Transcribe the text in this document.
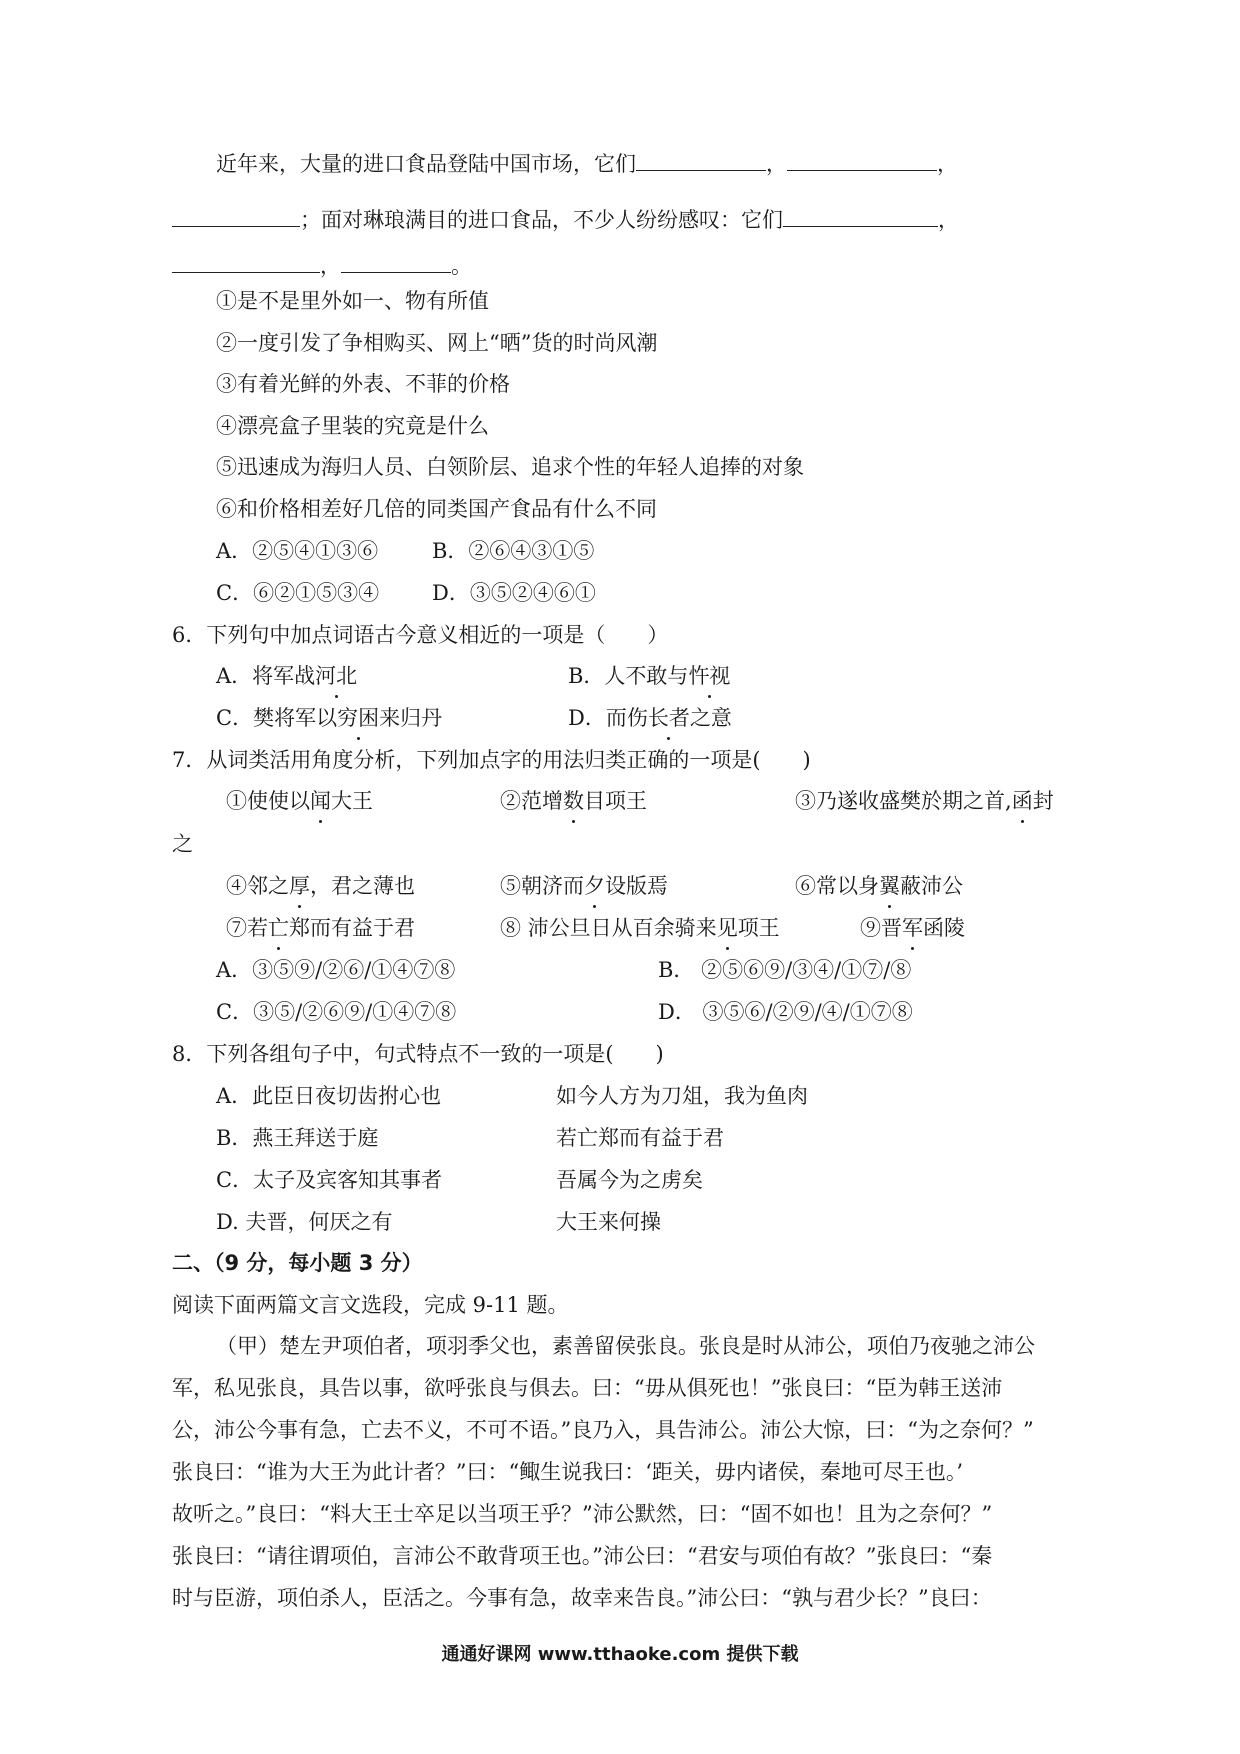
近年来，大量的进口食品登陆中国市场，它们	，	，
；面对琳琅满目的进口食品，不少人纷纷感叹：它们	，
，	。
①是不是里外如一、物有所值
②一度引发了争相购买、网上“晒”货的时尚风潮
③有着光鲜的外表、不菲的价格
④漂亮盒子里装的究竟是什么
⑤迅速成为海归人员、白领阶层、追求个性的年轻人追捧的对象
⑥和价格相差好几倍的同类国产食品有什么不同
A．②⑤④①③⑥	B．②⑥④③①⑤
C．⑥②①⑤③④	D．③⑤②④⑥①
6．下列句中加点词语古今意义相近的一项是（　　）
A．将军战河北	B．人不敢与忤视
C．樊将军以穷困来归丹	D．而伤长者之意
7．从词类活用角度分析，下列加点字的用法归类正确的一项是(　　)
①使使以闻大王	②范增数目项王	③乃遂收盛樊於期之首,函封
之
④邻之厚，君之薄也	⑤朝济而夕设版焉	⑥常以身翼蔽沛公
⑦若亡郑而有益于君	⑧ 沛公旦日从百余骑来见项王	⑨晋军函陵
A．③⑤⑨/②⑥/①④⑦⑧	B． ②⑤⑥⑨/③④/①⑦/⑧
C．③⑤/②⑥⑨/①④⑦⑧	D． ③⑤⑥/②⑨/④/①⑦⑧
8．下列各组句子中，句式特点不一致的一项是(　　)
A．此臣日夜切齿拊心也	如今人方为刀俎，我为鱼肉
B．燕王拜送于庭	若亡郑而有益于君
C．太子及宾客知其事者	吾属今为之虏矣
D. 夫晋，何厌之有	大王来何操
二、（9 分，每小题 3 分）
阅读下面两篇文言文选段，完成 9-11 题。
（甲）楚左尹项伯者，项羽季父也，素善留侯张良。张良是时从沛公，项伯乃夜驰之沛公
军，私见张良，具告以事，欲呼张良与俱去。曰：“毋从俱死也！”张良曰：“臣为韩王送沛
公，沛公今事有急，亡去不义，不可不语。”良乃入，具告沛公。沛公大惊，曰：“为之奈何？”
张良曰：“谁为大王为此计者？”曰：“鲰生说我曰：‘距关，毋内诸侯，秦地可尽王也。’
故听之。”良曰：“料大王士卒足以当项王乎？”沛公默然，曰：“固不如也！且为之奈何？”
张良曰：“请往谓项伯，言沛公不敢背项王也。”沛公曰：“君安与项伯有故？”张良曰：“秦
时与臣游，项伯杀人，臣活之。今事有急，故幸来告良。”沛公曰：“孰与君少长？”良曰：
通通好课网 www.tthaoke.com 提供下载
